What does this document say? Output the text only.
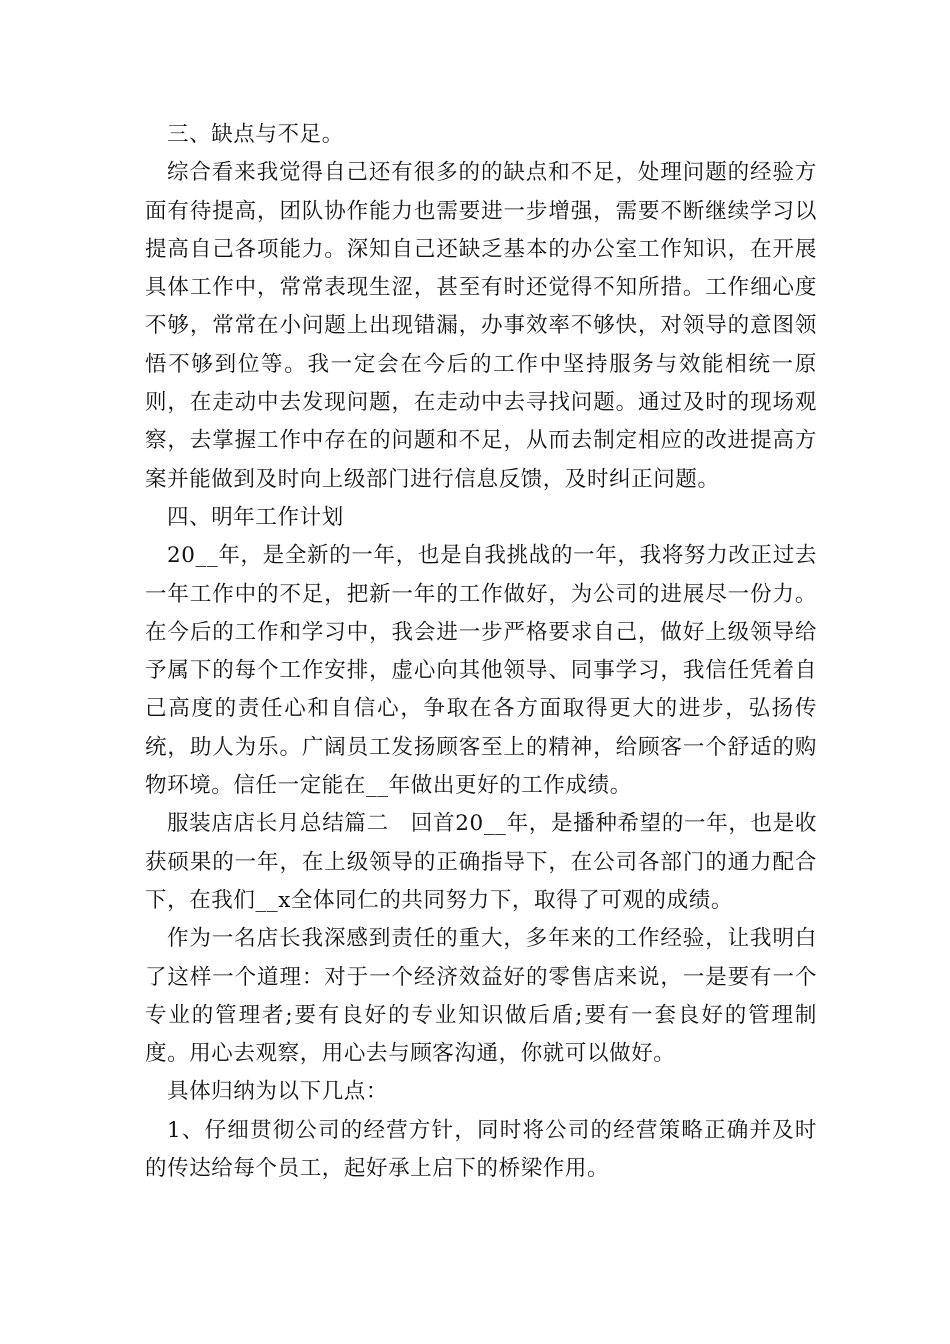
三、缺点与不足。

综合看来我觉得自己还有很多的的缺点和不足，处理问题的经验方面有待提高，团队协作能力也需要进一步增强，需要不断继续学习以提高自己各项能力。深知自己还缺乏基本的办公室工作知识，在开展具体工作中，常常表现生涩，甚至有时还觉得不知所措。工作细心度不够，常常在小问题上出现错漏，办事效率不够快，对领导的意图领悟不够到位等。我一定会在今后的工作中坚持服务与效能相统一原则，在走动中去发现问题，在走动中去寻找问题。通过及时的现场观察，去掌握工作中存在的问题和不足，从而去制定相应的改进提高方案并能做到及时向上级部门进行信息反馈，及时纠正问题。

四、明年工作计划

20__年，是全新的一年，也是自我挑战的一年，我将努力改正过去一年工作中的不足，把新一年的工作做好，为公司的进展尽一份力。在今后的工作和学习中，我会进一步严格要求自己，做好上级领导给予属下的每个工作安排，虚心向其他领导、同事学习，我信任凭着自己高度的责任心和自信心，争取在各方面取得更大的进步，弘扬传统，助人为乐。广阔员工发扬顾客至上的精神，给顾客一个舒适的购物环境。信任一定能在__年做出更好的工作成绩。

服装店店长月总结篇二　回首20__年，是播种希望的一年，也是收获硕果的一年，在上级领导的正确指导下，在公司各部门的通力配合下，在我们__x全体同仁的共同努力下，取得了可观的成绩。

作为一名店长我深感到责任的重大，多年来的工作经验，让我明白了这样一个道理：对于一个经济效益好的零售店来说，一是要有一个专业的管理者;要有良好的专业知识做后盾;要有一套良好的管理制度。用心去观察，用心去与顾客沟通，你就可以做好。

具体归纳为以下几点：

1、仔细贯彻公司的经营方针，同时将公司的经营策略正确并及时的传达给每个员工，起好承上启下的桥梁作用。
